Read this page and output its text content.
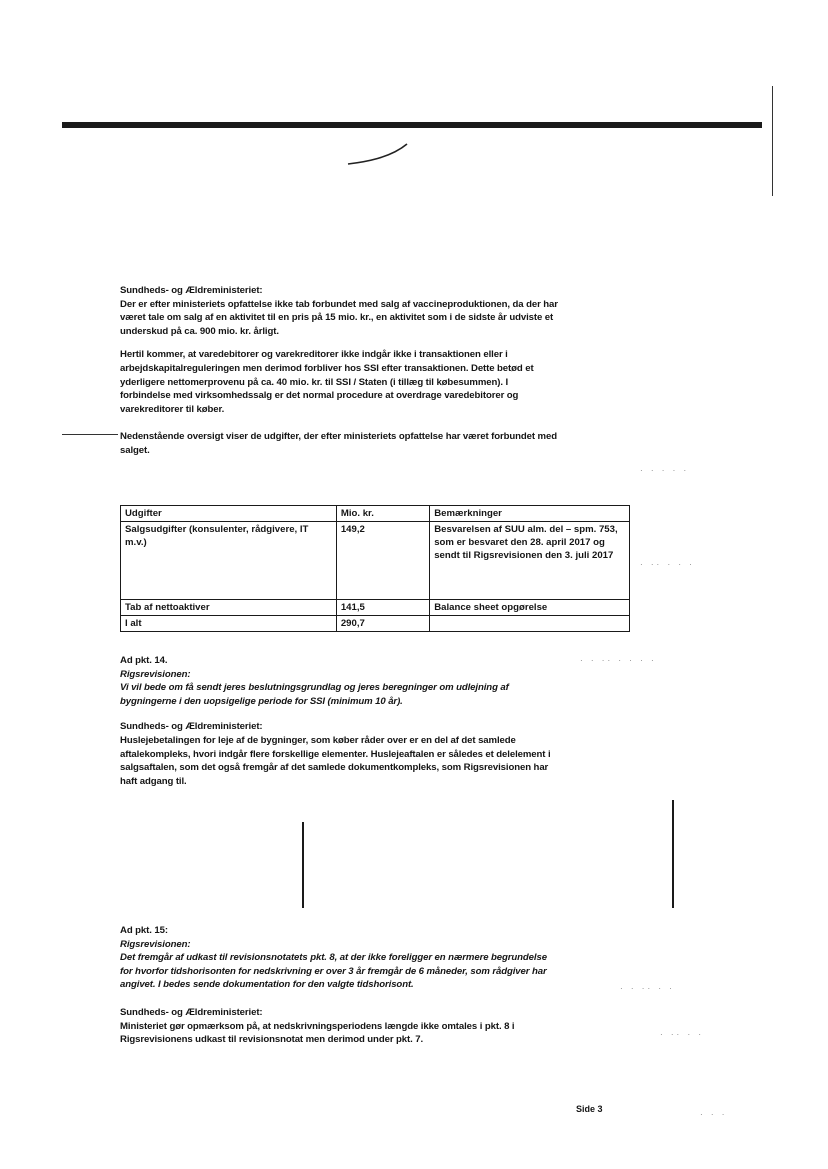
Sundheds- og Ældreministeriet:

Der er efter ministeriets opfattelse ikke tab forbundet med salg af vaccineproduktionen, da der har været tale om salg af en aktivitet til en pris på 15 mio. kr., en aktivitet som i de sidste år udviste et underskud på ca. 900 mio. kr. årligt.

Hertil kommer, at varedebitorer og varekreditorer ikke indgår ikke i transaktionen eller i arbejdskapitalreguleringen men derimod forbliver hos SSI efter transaktionen. Dette betød et yderligere nettomerprovenu på ca. 40 mio. kr. til SSI / Staten (i tillæg til købesummen). I forbindelse med virksomhedssalg er det normal procedure at overdrage varedebitorer og varekreditorer til køber.

Nedenstående oversigt viser de udgifter, der efter ministeriets opfattelse har været forbundet med salget.

Udgifter	Mio. kr.	Bemærkninger
Salgsudgifter (konsulenter, rådgivere, IT m.v.)	149,2	Besvarelsen af SUU alm. del – spm. 753, som er besvaret den 28. april 2017 og sendt til Rigsrevisionen den 3. juli 2017
Tab af nettoaktiver	141,5	Balance sheet opgørelse
I alt	290,7	

Ad pkt. 14.

Rigsrevisionen:

Vi vil bede om få sendt jeres beslutningsgrundlag og jeres beregninger om udlejning af bygningerne i den uopsigelige periode for SSI (minimum 10 år).

Sundheds- og Ældreministeriet:

Huslejebetalingen for leje af de bygninger, som køber råder over er en del af det samlede aftalekompleks, hvori indgår flere forskellige elementer. Huslejeaftalen er således et delelement i salgsaftalen, som det også fremgår af det samlede dokumentkompleks, som Rigsrevisionen har haft adgang til.

Ad pkt. 15:

Rigsrevisionen:

Det fremgår af udkast til revisionsnotatets pkt. 8, at der ikke foreligger en nærmere begrundelse for hvorfor tidshorisonten for nedskrivning er over 3 år fremgår de 6 måneder, som rådgiver har angivet. I bedes sende dokumentation for den valgte tidshorisont.

Sundheds- og Ældreministeriet:

Ministeriet gør opmærksom på, at nedskrivningsperiodens længde ikke omtales i pkt. 8 i Rigsrevisionens udkast til revisionsnotat men derimod under pkt. 7.

Side 3
· · · · ·
· ·· · · ·
· · ·· · · · ·
· · ·· · ·
· ·· · ·
· · ·
